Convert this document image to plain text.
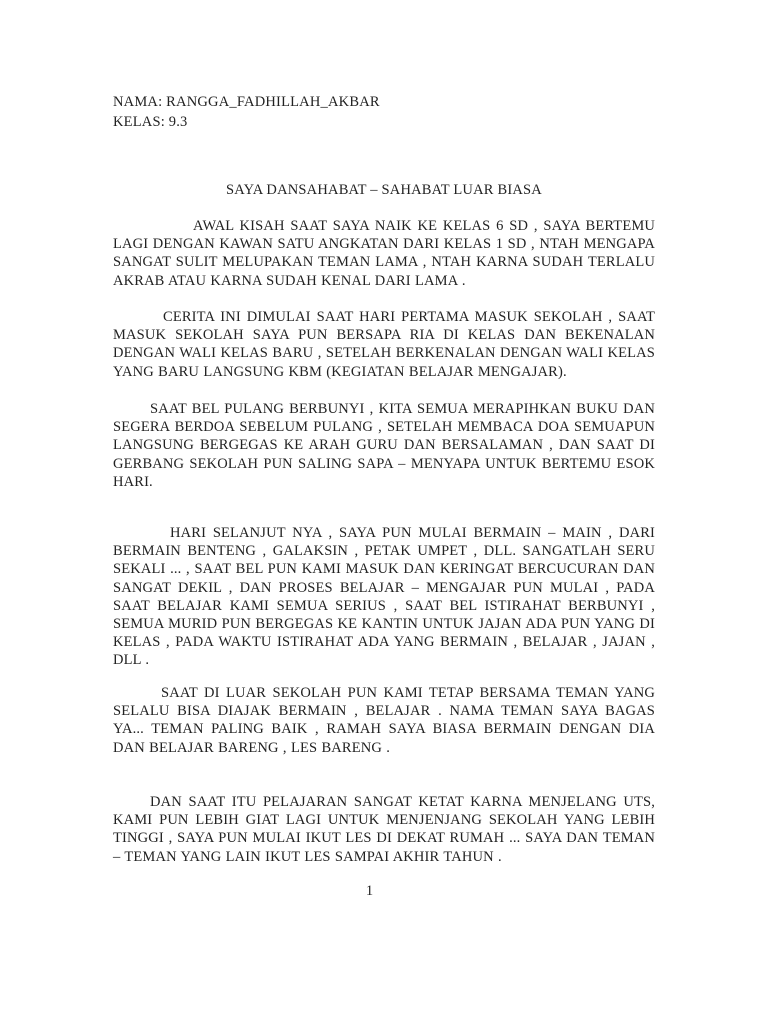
NAMA: RANGGA_FADHILLAH_AKBAR
KELAS: 9.3
SAYA DANSAHABAT – SAHABAT LUAR BIASA
AWAL KISAH SAAT SAYA NAIK KE KELAS 6 SD , SAYA BERTEMU LAGI DENGAN KAWAN SATU ANGKATAN DARI KELAS 1 SD , NTAH MENGAPA SANGAT SULIT MELUPAKAN TEMAN LAMA , NTAH KARNA SUDAH TERLALU AKRAB ATAU KARNA SUDAH KENAL DARI LAMA .
CERITA INI DIMULAI SAAT HARI PERTAMA MASUK SEKOLAH , SAAT MASUK SEKOLAH SAYA PUN BERSAPA RIA DI KELAS DAN BEKENALAN DENGAN WALI KELAS BARU , SETELAH BERKENALAN DENGAN WALI KELAS YANG BARU LANGSUNG KBM (KEGIATAN BELAJAR MENGAJAR).
SAAT BEL PULANG BERBUNYI , KITA SEMUA MERAPIHKAN BUKU DAN SEGERA BERDOA SEBELUM PULANG , SETELAH MEMBACA DOA SEMUAPUN LANGSUNG BERGEGAS KE ARAH GURU DAN BERSALAMAN , DAN SAAT DI GERBANG SEKOLAH PUN SALING SAPA – MENYAPA UNTUK BERTEMU ESOK HARI.
HARI SELANJUT NYA , SAYA PUN MULAI BERMAIN – MAIN , DARI BERMAIN BENTENG , GALAKSIN , PETAK UMPET , DLL. SANGATLAH SERU SEKALI ... , SAAT BEL PUN KAMI MASUK DAN KERINGAT BERCUCURAN DAN SANGAT DEKIL , DAN PROSES BELAJAR – MENGAJAR PUN MULAI , PADA SAAT BELAJAR KAMI SEMUA SERIUS , SAAT BEL ISTIRAHAT BERBUNYI , SEMUA MURID PUN BERGEGAS KE KANTIN UNTUK JAJAN ADA PUN YANG DI KELAS , PADA WAKTU ISTIRAHAT ADA YANG BERMAIN , BELAJAR , JAJAN , DLL .
SAAT DI LUAR SEKOLAH PUN KAMI TETAP BERSAMA TEMAN YANG SELALU BISA DIAJAK BERMAIN , BELAJAR . NAMA TEMAN SAYA BAGAS YA... TEMAN PALING BAIK , RAMAH SAYA BIASA BERMAIN DENGAN DIA DAN BELAJAR BARENG , LES BARENG .
DAN SAAT ITU PELAJARAN SANGAT KETAT KARNA MENJELANG UTS, KAMI PUN LEBIH GIAT LAGI UNTUK MENJENJANG SEKOLAH YANG LEBIH TINGGI , SAYA PUN MULAI IKUT LES DI DEKAT RUMAH ... SAYA DAN TEMAN – TEMAN YANG LAIN IKUT LES SAMPAI AKHIR TAHUN .
1
